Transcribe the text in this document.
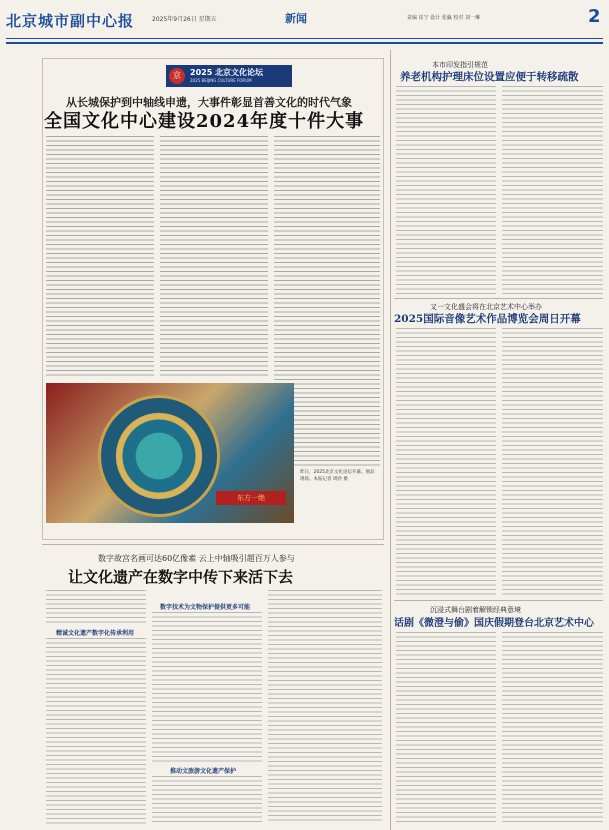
北京城市副中心报	2025年9月26日 星期五	新闻	责编 崔宁 设计 张瀛 校对 刘一琳	2
京	2025 北京文化论坛
2025 BEIJING CULTURE FORUM
从长城保护到中轴线申遗，大事件彰显首善文化的时代气象
全国文化中心建设2024年度十件大事
东方一绝
昨日，2025北京文化论坛开幕。展品现场。本报记者 周欣 摄
本市印发指引规范
养老机构护理床位设置应便于转移疏散
又一文化盛会将在北京艺术中心举办
2025国际音像艺术作品博览会周日开幕
沉浸式舞台剧着解锁经典意境
话剧《微澄与偷》国庆假期登台北京艺术中心
数字故宫名画可达60亿像素 云上中轴吸引超百万人参与
让文化遗产在数字中传下来活下去
精诚文化遗产数字化传承利用
数字技术为文物保护提供更多可能
推动文旅游文化遗产保护
